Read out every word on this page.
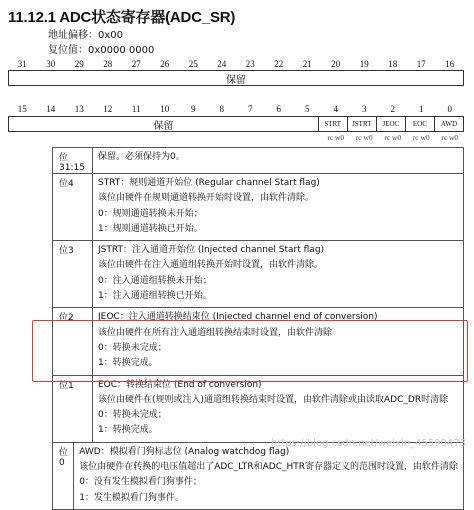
11.12.1 ADC状态寄存器(ADC_SR)
地址偏移：0x00
复位值：0x0000 0000
31	30	29	28	27	26	25	24	23	22	21	20	19	18	17	16
保留
15	14	13	12	11	10	9	8	7	6	5	4	3	2	1	0
保留	STRT	JSTRT	JEOC	EOC	AWD
rc w0	rc w0	rc w0	rc w0	rc w0
位31:15
保留。必须保持为0。
位4	STRT：规则通道开始位 (Regular channel Start flag)
该位由硬件在规则通道转换开始时设置，由软件清除。
0：规则通道转换未开始；
1：规则通道转换已开始。
位3	JSTRT：注入通道开始位 (Injected channel Start flag)
该位由硬件在注入通道组转换开始时设置，由软件清除。
0：注入通道组转换未开始；
1：注入通道组转换已开始。
位2	JEOC：注入通道转换结束位 (Injected channel end of conversion)
该位由硬件在所有注入通道组转换结束时设置，由软件清除
0：转换未完成；
1：转换完成。
位1	EOC：转换结束位 (End of conversion)
该位由硬件在(规则或注入)通道组转换结束时设置，由软件清除或由读取ADC_DR时清除
0：转换未完成；
1：转换完成。
位0
AWD：模拟看门狗标志位 (Analog watchdog flag)
该位由硬件在转换的电压值超出了ADC_LTR和ADC_HTR寄存器定义的范围时设置，由软件清除
0：没有发生模拟看门狗事件；
1：发生模拟看门狗事件。
https://blog.csdn.net/weixin_45590473
